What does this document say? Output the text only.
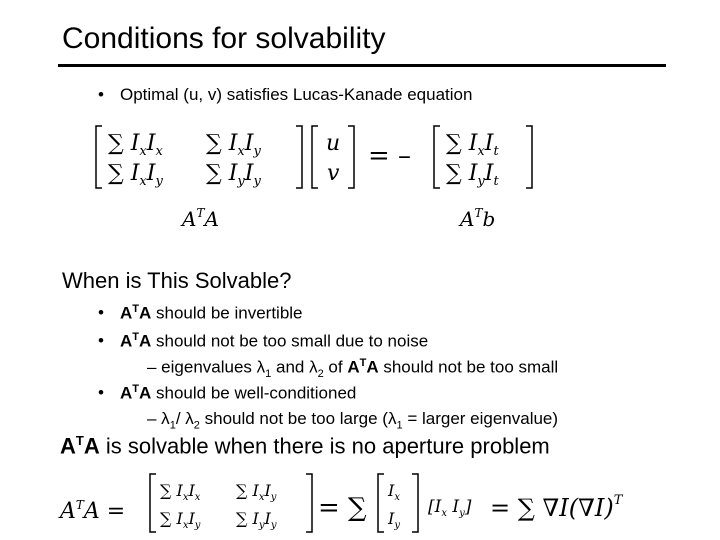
Conditions for solvability
• Optimal (u, v) satisfies Lucas-Kanade equation
∑ $I_xI_x$ ∑ $I_xI_y$
∑ $I_xI_y$ ∑ $I_yI_y$
u
v
= – ∑ $I_xI_t$
∑ $I_yI_t$
$A^TA$	$A^Tb$
When is This Solvable?
• $A^TA$ should be invertible
• $A^TA$ should not be too small due to noise
– eigenvalues $\lambda_1$ and $\lambda_2$ of $A^TA$ should not be too small
• $A^TA$ should be well-conditioned
– $\lambda_1/$ $\lambda_2$ should not be too large ($\lambda_1$ = larger eigenvalue)
$A^TA$ is solvable when there is no aperture problem
$A^TA$ =
∑ $I_xI_x$ ∑ $I_xI_y$
∑ $I_xI_y$ ∑ $I_yI_y$
= ∑
$I_x$
$I_y$
[$I_x$ $I_y$] = ∑ $\nabla I(\nabla I)^T$
